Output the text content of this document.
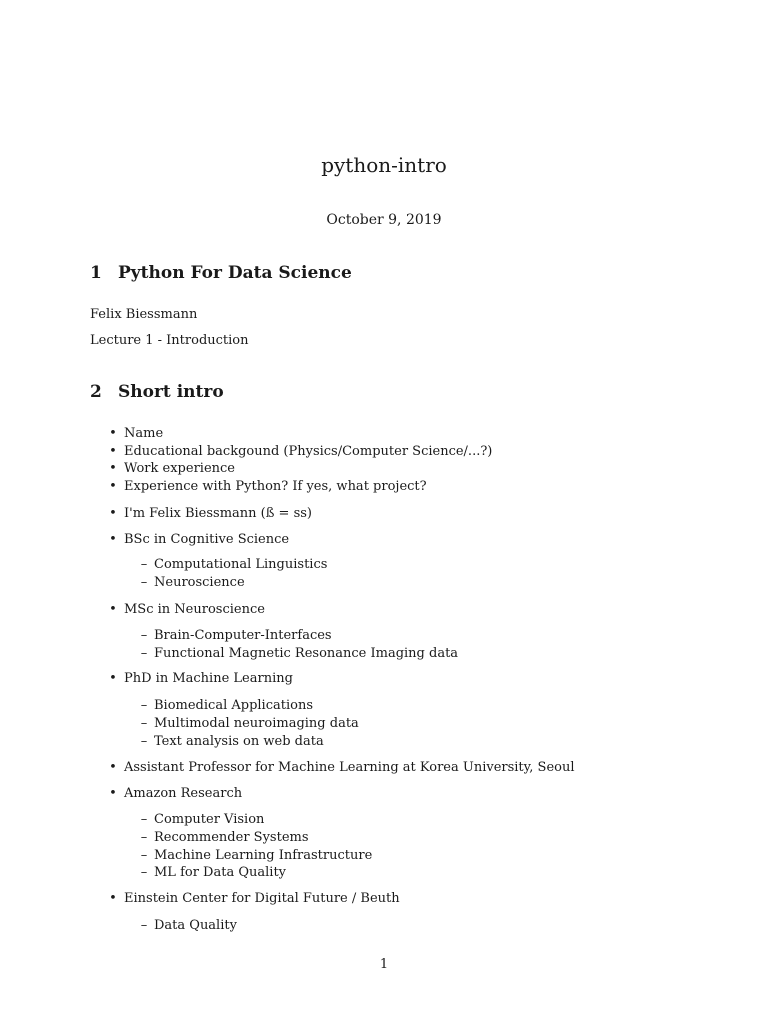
python-intro
October 9, 2019
1 Python For Data Science
Felix Biessmann
Lecture 1 - Introduction
2 Short intro
• Name
• Educational backgound (Physics/Computer Science/...?)
• Work experience
• Experience with Python? If yes, what project?
• I'm Felix Biessmann (ß = ss)
• BSc in Cognitive Science
– Computational Linguistics
– Neuroscience
• MSc in Neuroscience
– Brain-Computer-Interfaces
– Functional Magnetic Resonance Imaging data
• PhD in Machine Learning
– Biomedical Applications
– Multimodal neuroimaging data
– Text analysis on web data
• Assistant Professor for Machine Learning at Korea University, Seoul
• Amazon Research
– Computer Vision
– Recommender Systems
– Machine Learning Infrastructure
– ML for Data Quality
• Einstein Center for Digital Future / Beuth
– Data Quality
1
